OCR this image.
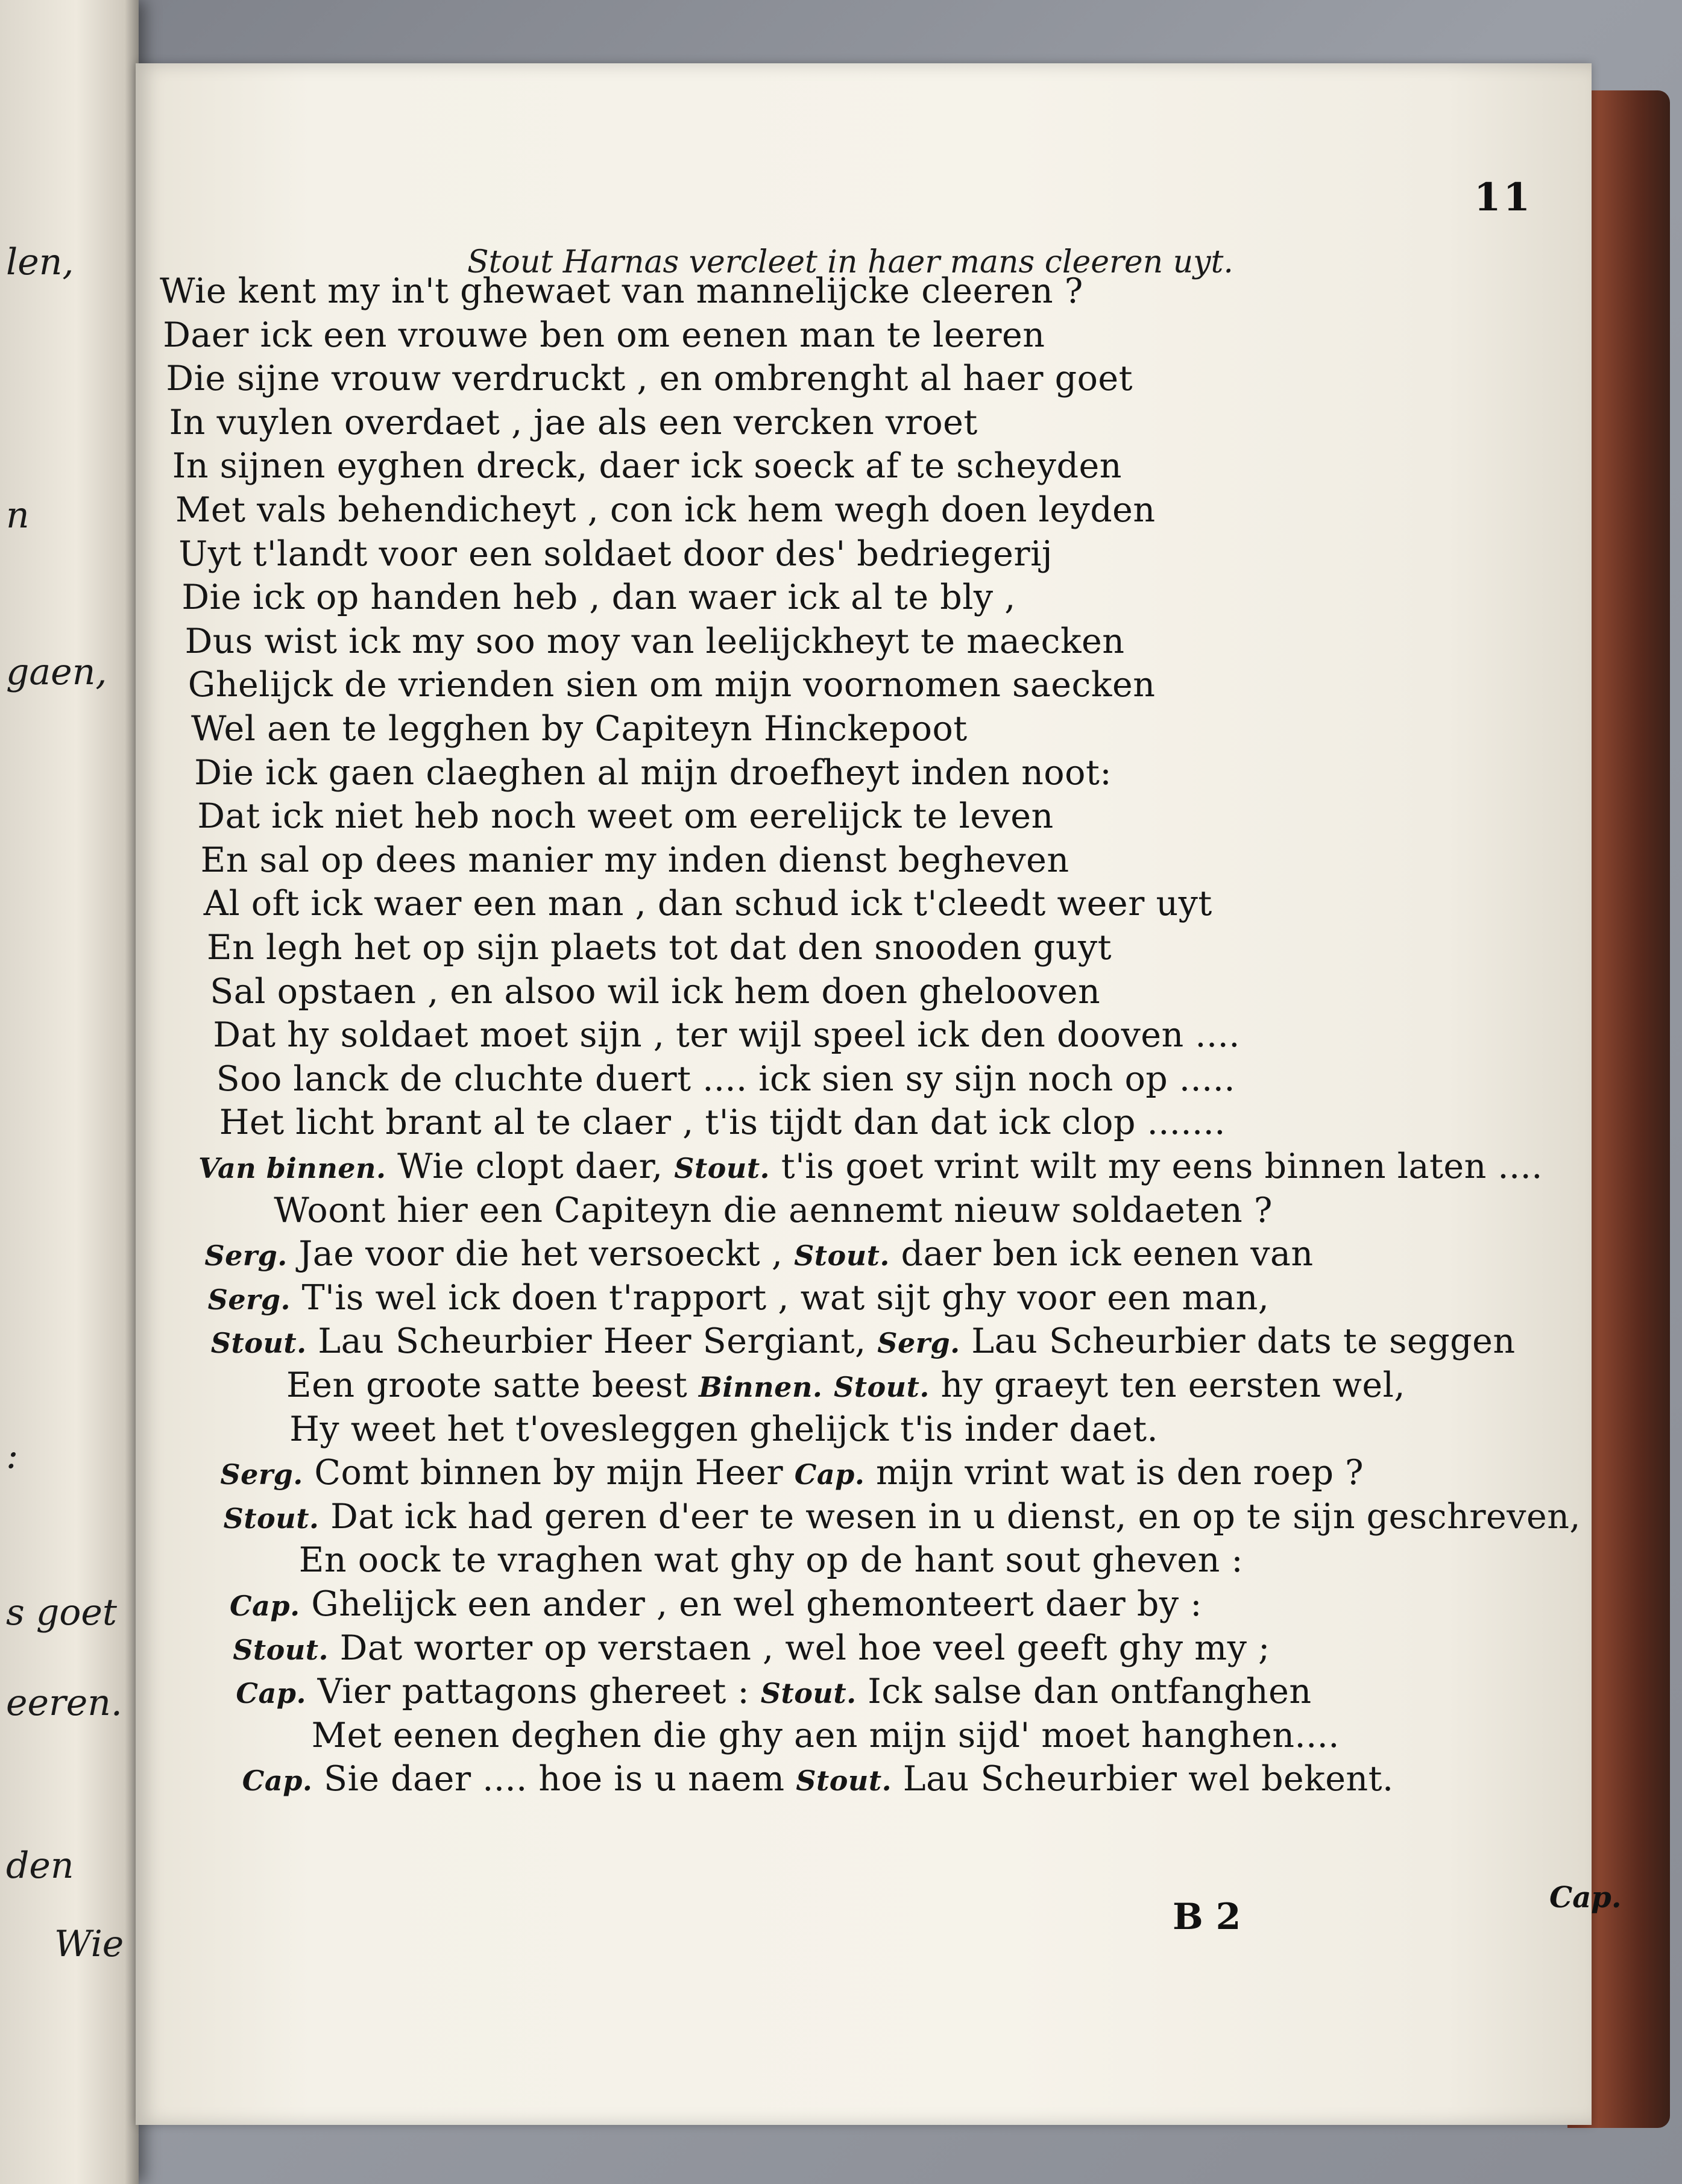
len,
n
gaen,
:
s goet
eeren.
den
Wie
11
Stout Harnas vercleet in haer mans cleeren uyt.
Wie kent my in't ghewaet van mannelijcke cleeren ?
Daer ick een vrouwe ben om eenen man te leeren
Die sijne vrouw verdruckt , en ombrenght al haer goet
In vuylen overdaet , jae als een vercken vroet
In sijnen eyghen dreck, daer ick soeck af te scheyden
Met vals behendicheyt , con ick hem wegh doen leyden
Uyt t'landt voor een soldaet door des' bedriegerij
Die ick op handen heb , dan waer ick al te bly ,
Dus wist ick my soo moy van leelijckheyt te maecken
Ghelijck de vrienden sien om mijn voornomen saecken
Wel aen te legghen by Capiteyn Hinckepoot
Die ick gaen claeghen al mijn droefheyt inden noot:
Dat ick niet heb noch weet om eerelijck te leven
En sal op dees manier my inden dienst begheven
Al oft ick waer een man , dan schud ick t'cleedt weer uyt
En legh het op sijn plaets tot dat den snooden guyt
Sal opstaen , en alsoo wil ick hem doen ghelooven
Dat hy soldaet moet sijn , ter wijl speel ick den dooven ....
Soo lanck de cluchte duert .... ick sien sy sijn noch op .....
Het licht brant al te claer , t'is tijdt dan dat ick clop .......
Van binnen. Wie clopt daer, Stout. t'is goet vrint wilt my eens binnen laten ....
Woont hier een Capiteyn die aennemt nieuw soldaeten ?
Serg. Jae voor die het versoeckt , Stout. daer ben ick eenen van
Serg. T'is wel ick doen t'rapport , wat sijt ghy voor een man,
Stout. Lau Scheurbier Heer Sergiant, Serg. Lau Scheurbier dats te seggen
Een groote satte beest Binnen. Stout. hy graeyt ten eersten wel,
Hy weet het t'ovesleggen ghelijck t'is inder daet.
Serg. Comt binnen by mijn Heer Cap. mijn vrint wat is den roep ?
Stout. Dat ick had geren d'eer te wesen in u dienst, en op te sijn geschreven,
En oock te vraghen wat ghy op de hant sout gheven :
Cap. Ghelijck een ander , en wel ghemonteert daer by :
Stout. Dat worter op verstaen , wel hoe veel geeft ghy my ;
Cap. Vier pattagons ghereet : Stout. Ick salse dan ontfanghen
Met eenen deghen die ghy aen mijn sijd' moet hanghen....
Cap. Sie daer .... hoe is u naem Stout. Lau Scheurbier wel bekent.
B 2	Cap.
